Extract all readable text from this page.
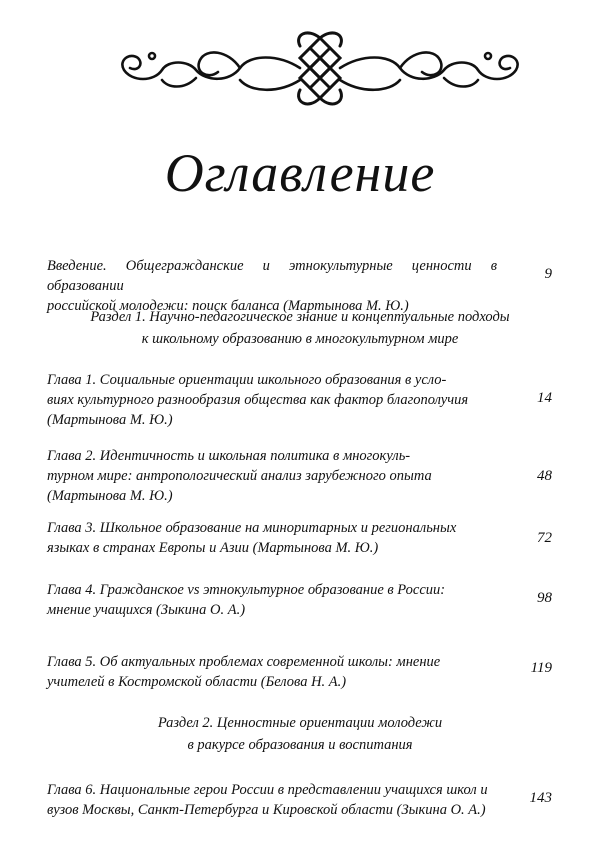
Оглавление
Введение. Общегражданские и этнокультурные ценности в образовании
российской молодежи: поиск баланса (Мартынова М. Ю.)
9
Раздел 1. Научно-педагогическое знание и концептуальные подходы
к школьному образованию в многокультурном мире
Глава 1. Социальные ориентации школьного образования в усло-
виях культурного разнообразия общества как фактор благополучия
(Мартынова М. Ю.)
14
Глава 2. Идентичность и школьная политика в многокуль-
турном мире: антропологический анализ зарубежного опыта
(Мартынова М. Ю.)
48
Глава 3. Школьное образование на миноритарных и региональных
языках в странах Европы и Азии (Мартынова М. Ю.)
72
Глава 4. Гражданское vs этнокультурное образование в России:
мнение учащихся (Зыкина О. А.)
98
Глава 5. Об актуальных проблемах современной школы: мнение
учителей в Костромской области (Белова Н. А.)
119
Раздел 2. Ценностные ориентации молодежи
в ракурсе образования и воспитания
Глава 6. Национальные герои России в представлении учащихся школ и
вузов Москвы, Санкт-Петербурга и Кировской области (Зыкина О. А.)
143
